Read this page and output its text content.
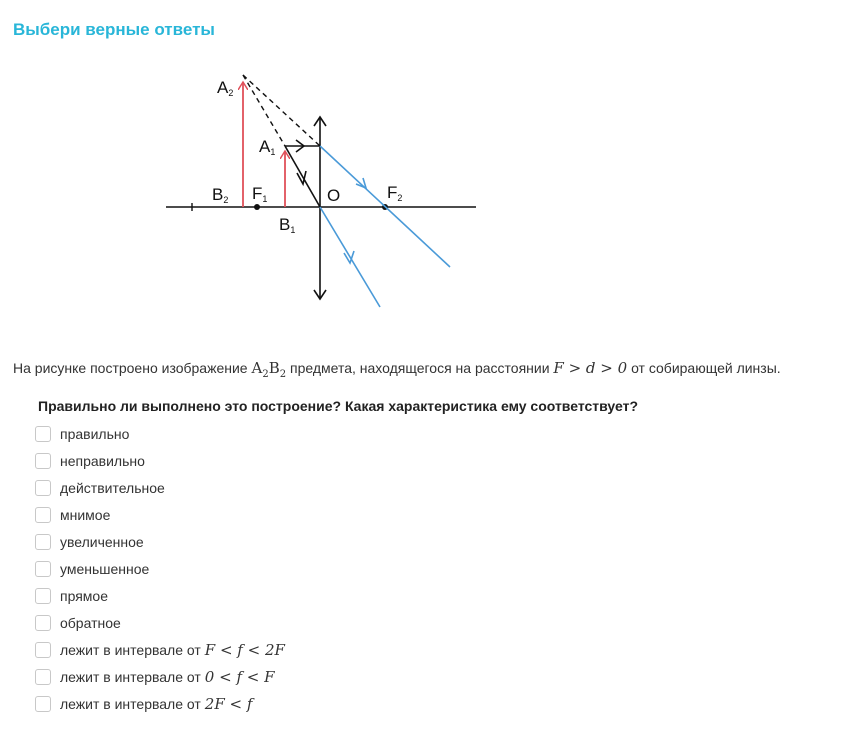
Выбери верные ответы
A2
A1
B2 F1	O	F2
B1
На рисунке построено изображение $A_2B_2$ предмета, находящегося на расстоянии F > d > 0 от собирающей линзы.
Правильно ли выполнено это построение? Какая характеристика ему соответствует?
правильно
неправильно
действительное
мнимое
увеличенное
уменьшенное
прямое
обратное
лежит в интервале от F < f < 2F
лежит в интервале от 0 < f < F
лежит в интервале от 2F < f
